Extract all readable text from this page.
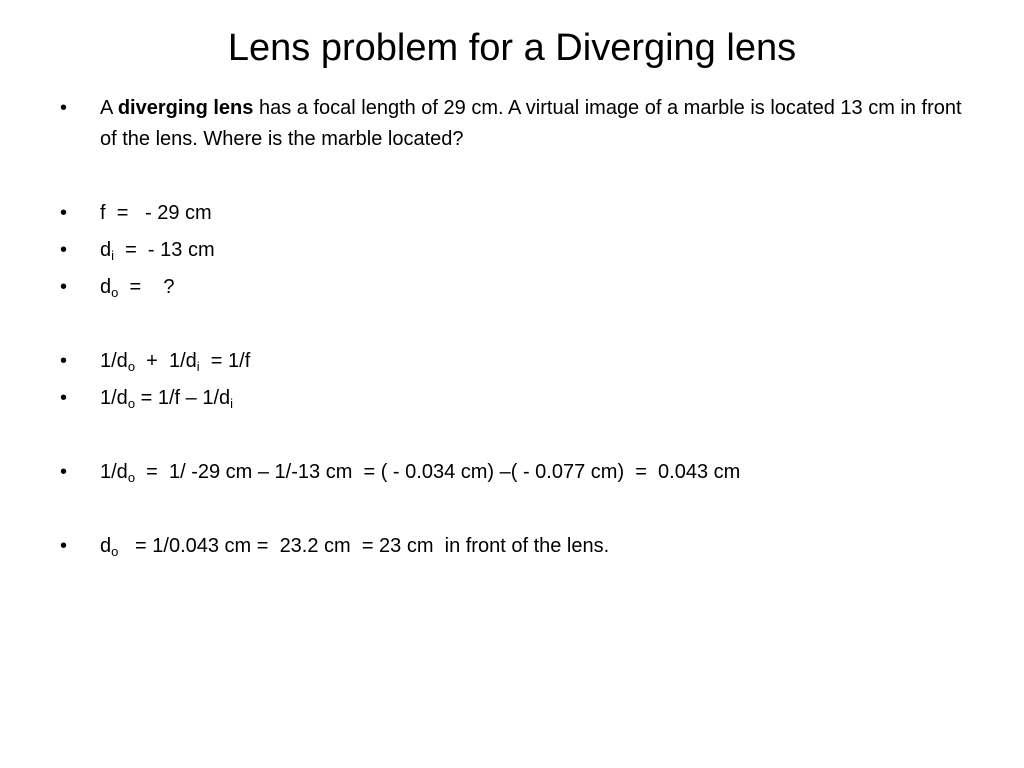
Lens problem for a Diverging lens
•	A diverging lens has a focal length of 29 cm. A virtual image of a marble is located 13 cm in front of the lens. Where is the marble located?
•	f =   - 29 cm
•	$d_i$ =  - 13 cm
•	$d_o$ =    ?
•	$1/d_o + 1/d_i = 1/f$
•	$1/d_o = 1/f - 1/d_i$
•	$1/d_o = 1/$ -29 cm – 1/-13 cm  = ( - 0.034 cm) –( - 0.077 cm)  =  0.043 cm
•	$d_o = 1/0.043$ cm =  23.2 cm  = 23 cm  in front of the lens.
